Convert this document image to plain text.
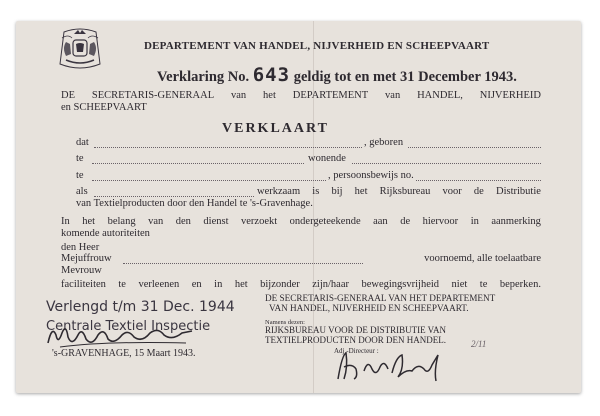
DEPARTEMENT VAN HANDEL, NIJVERHEID EN SCHEEPVAART
Verklaring No. 643 geldig tot en met 31 December 1943.
DE SECRETARIS-GENERAAL van het DEPARTEMENT van HANDEL, NIJVERHEID
en SCHEEPVAART
VERKLAART
dat	, geboren
te	wonende
te	, persoonsbewijs no.
als	werkzaam is bij het Rijksbureau voor de Distributie
van Textielproducten door den Handel te 's-Gravenhage.
In het belang van den dienst verzoekt ondergeteekende aan de hiervoor in aanmerking
komende autoriteiten
den Heer
Mejuffrouw	voornoemd, alle toelaatbare
Mevrouw
faciliteiten te verleenen en in het bijzonder zijn/haar bewegingsvrijheid niet te beperken.
Verlengd t/m 31 Dec. 1944
Centrale Textiel Inspectie
's-GRAVENHAGE, 15 Maart 1943.
DE SECRETARIS-GENERAAL VAN HET DEPARTEMENT
VAN HANDEL, NIJVERHEID EN SCHEEPVAART.
Namens dezen:
RIJKSBUREAU VOOR DE DISTRIBUTIE VAN
TEXTIELPRODUCTEN DOOR DEN HANDEL.
Adj.-Directeur :
2/11
